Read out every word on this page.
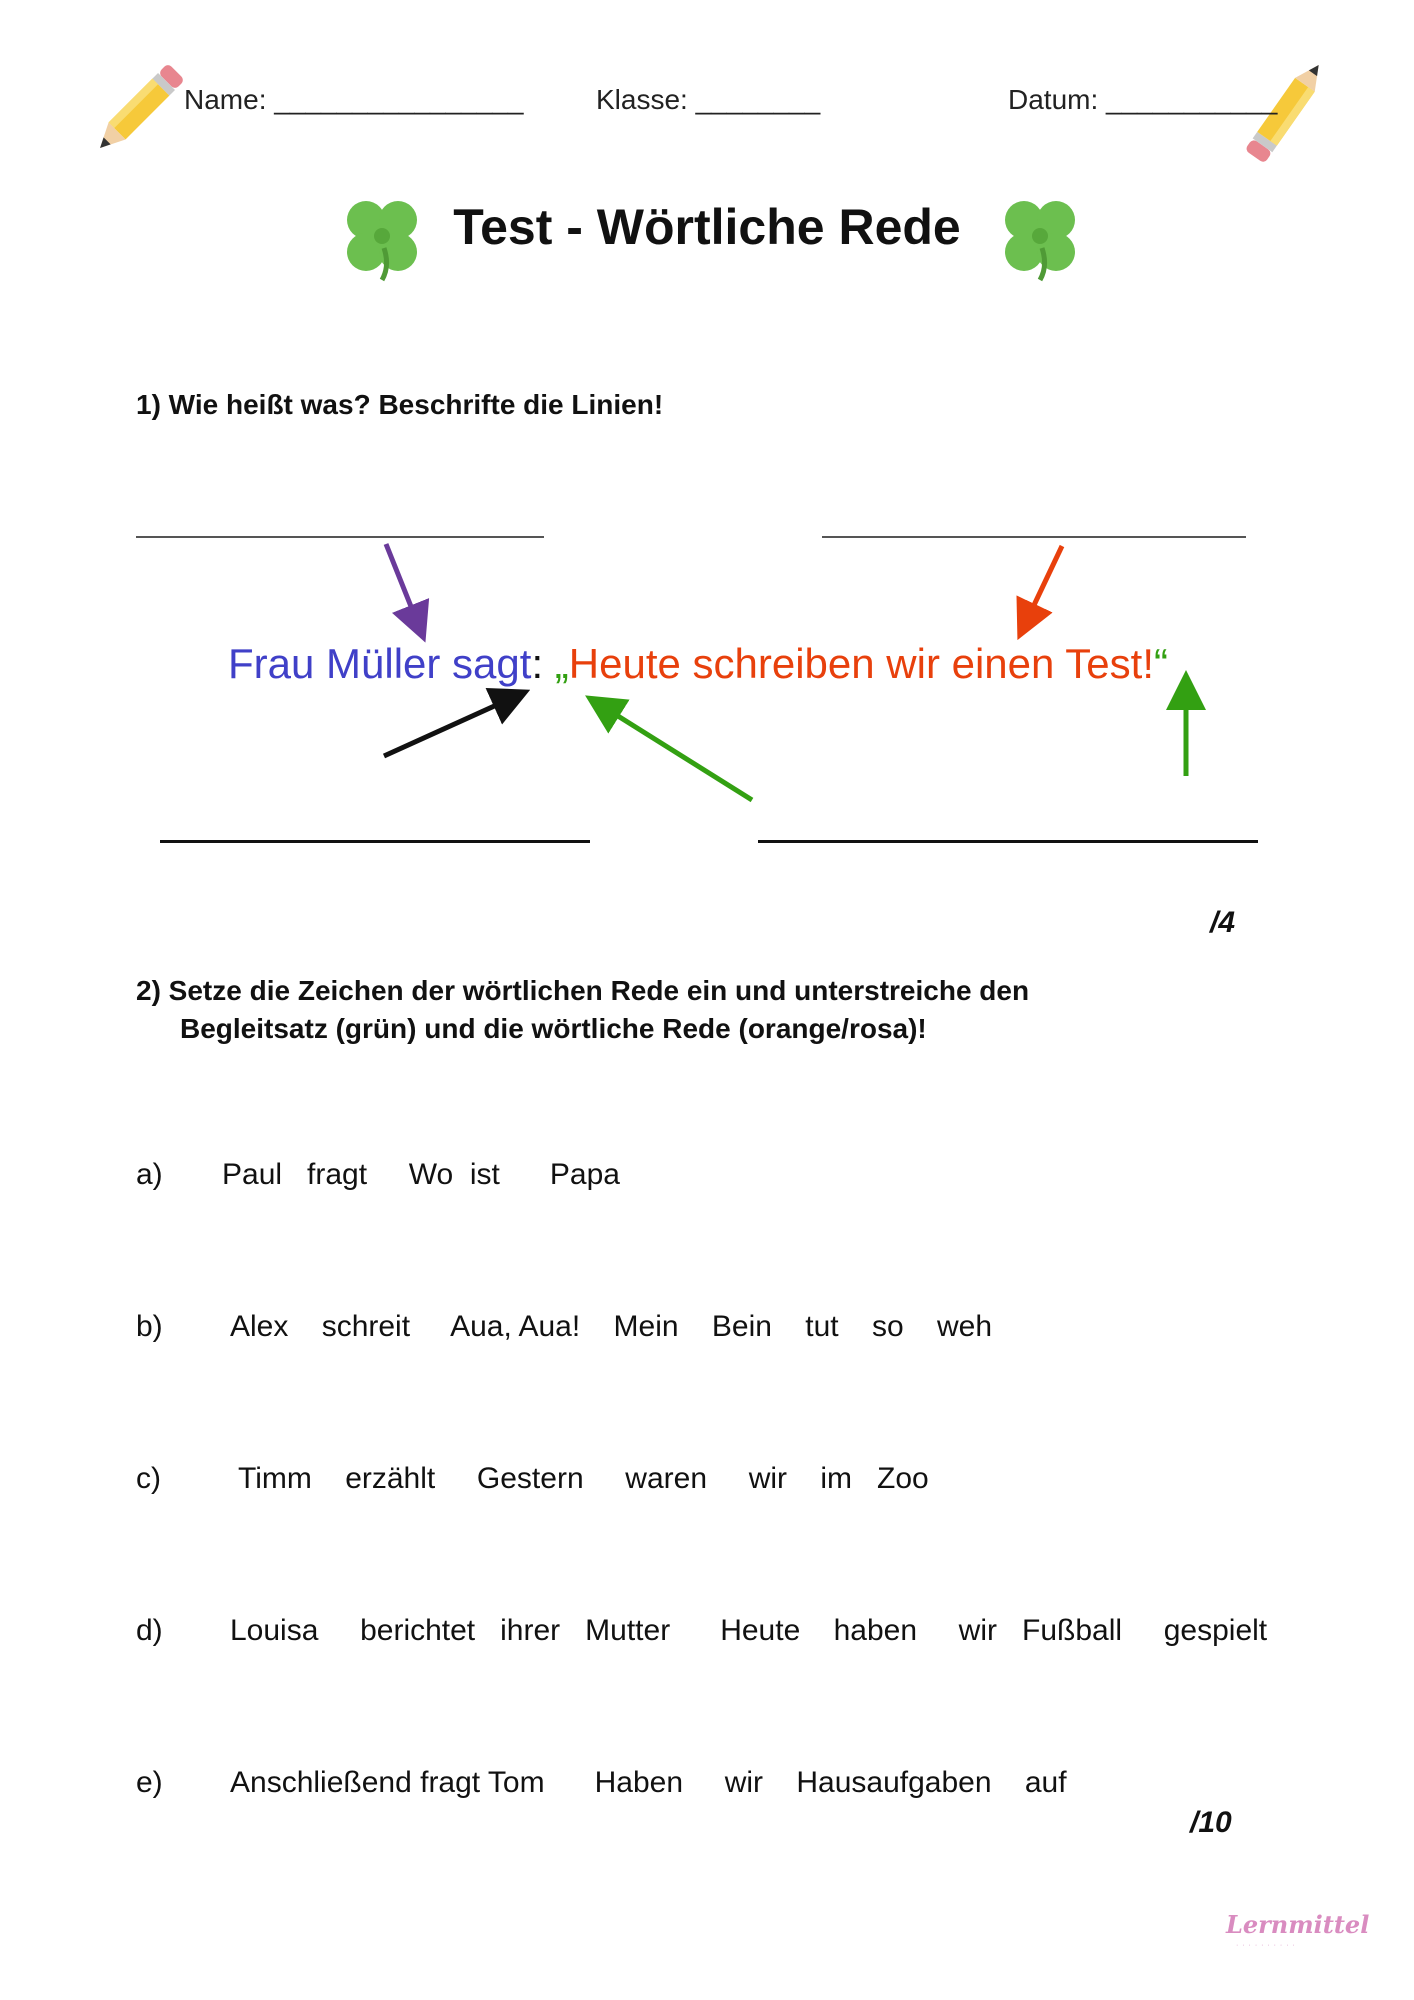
Name: ________________	Klasse: ________	Datum: ___________
Test - Wörtliche Rede
1) Wie heißt was? Beschrifte die Linien!
Frau Müller sagt: „Heute schreiben wir einen Test!“
/4
2) Setze die Zeichen der wörtlichen Rede ein und unterstreiche den
Begleitsatz (grün) und die wörtliche Rede (orange/rosa)!
a) Paul   fragt     Wo  ist      Papa
b) Alex    schreit     Aua, Aua!    Mein    Bein    tut    so    weh
c)	Timm    erzählt     Gestern     waren     wir    im   Zoo
d) Louisa     berichtet   ihrer   Mutter      Heute    haben     wir   Fußball     gespielt
e) Anschließend fragt Tom      Haben     wir    Hausaufgaben    auf
/10
Lernmittel
· · · · · · · · · ·
